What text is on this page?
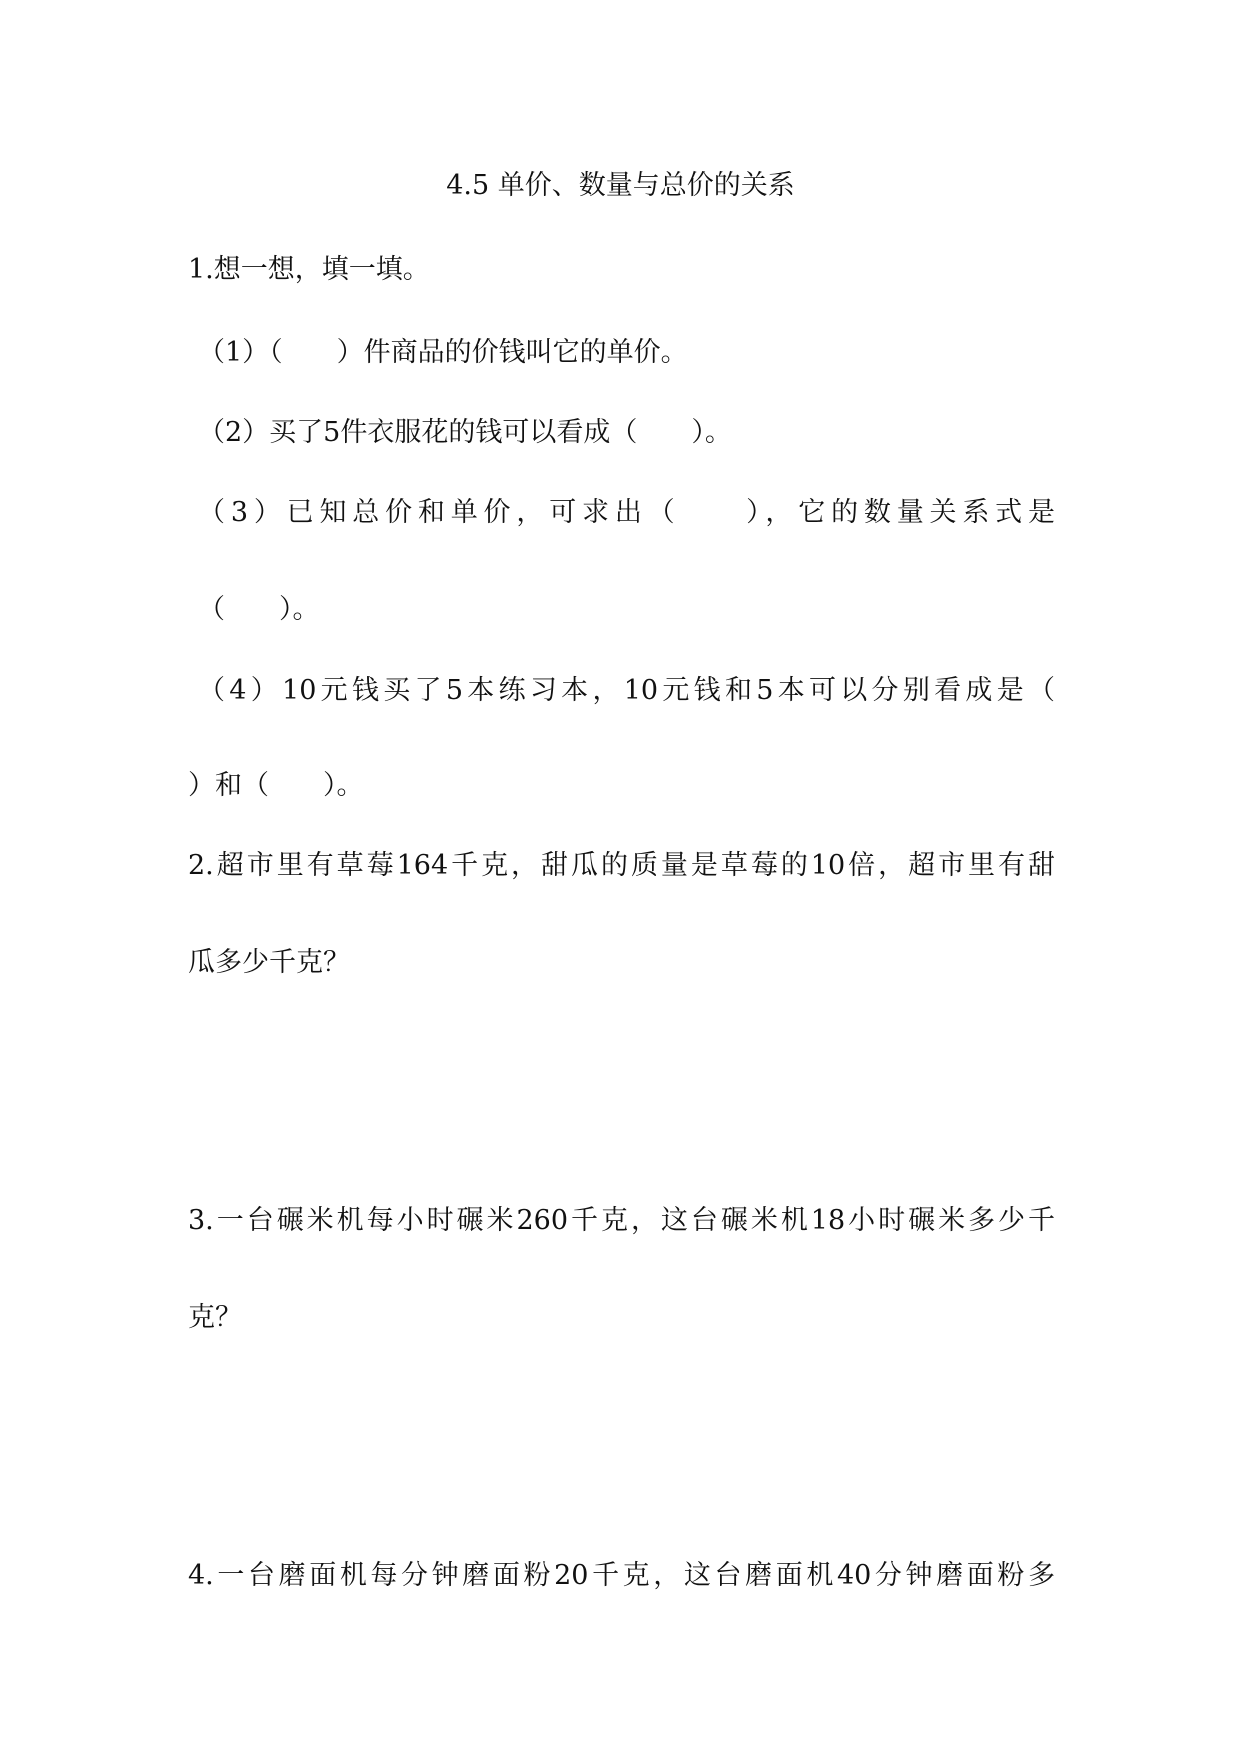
4.5 单价、数量与总价的关系
1.想一想，填一填。
（1）（　　）件商品的价钱叫它的单价。
（2）买了5件衣服花的钱可以看成（　　）。
（3）已知总价和单价，可求出（　　），它的数量关系式是
（　　）。
（4）10元钱买了5本练习本，10元钱和5本可以分别看成是（
）和（　　）。
2.超市里有草莓164千克，甜瓜的质量是草莓的10倍，超市里有甜
瓜多少千克？
3.一台碾米机每小时碾米260千克，这台碾米机18小时碾米多少千
克？
4.一台磨面机每分钟磨面粉20千克，这台磨面机40分钟磨面粉多
